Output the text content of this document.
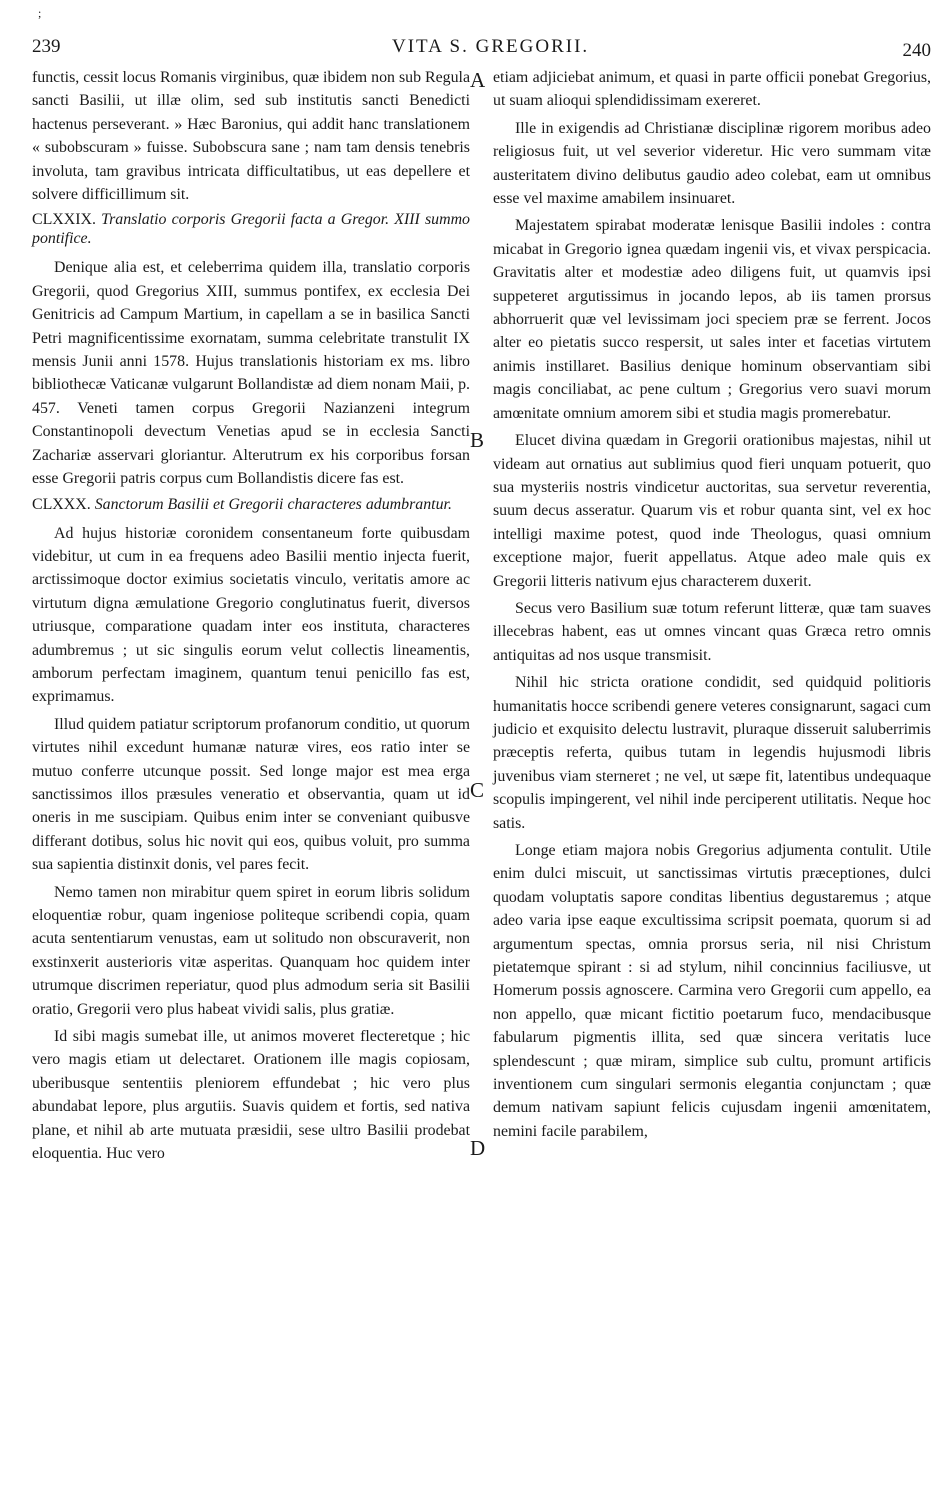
;
239	VITA S. GREGORII.	240

functis, cessit locus Romanis virginibus, quæ ibidem non sub Regula sancti Basilii, ut illæ olim, sed sub institutis sancti Benedicti hactenus perseverant. » Hæc Baronius, qui addit hanc translationem « subobscuram » fuisse. Subobscura sane ; nam tam densis tenebris involuta, tam gravibus intricata difficultatibus, ut eas depellere et solvere difficillimum sit.

CLXXIX. Translatio corporis Gregorii facta a Gregor. XIII summo pontifice.

Denique alia est, et celeberrima quidem illa, translatio corporis Gregorii, quod Gregorius XIII, summus pontifex, ex ecclesia Dei Genitricis ad Campum Martium, in capellam a se in basilica Sancti Petri magnificentissime exornatam, summa celebritate transtulit IX mensis Junii anni 1578. Hujus translationis historiam ex ms. libro bibliothecæ Vaticanæ vulgarunt Bollandistæ ad diem nonam Maii, p. 457. Veneti tamen corpus Gregorii Nazianzeni integrum Constantinopoli devectum Venetias apud se in ecclesia Sancti Zachariæ asservari gloriantur. Alterutrum ex his corporibus forsan esse Gregorii patris corpus cum Bollandistis dicere fas est.

CLXXX. Sanctorum Basilii et Gregorii characteres adumbrantur.

Ad hujus historiæ coronidem consentaneum forte quibusdam videbitur, ut cum in ea frequens adeo Basilii mentio injecta fuerit, arctissimoque doctor eximius societatis vinculo, veritatis amore ac virtutum digna æmulatione Gregorio conglutinatus fuerit, diversos utriusque, comparatione quadam inter eos instituta, characteres adumbremus ; ut sic singulis eorum velut collectis lineamentis, amborum perfectam imaginem, quantum tenui penicillo fas est, exprimamus.

Illud quidem patiatur scriptorum profanorum conditio, ut quorum virtutes nihil excedunt humanæ naturæ vires, eos ratio inter se mutuo conferre utcunque possit. Sed longe major est mea erga sanctissimos illos præsules veneratio et observantia, quam ut id oneris in me suscipiam. Quibus enim inter se conveniant quibusve differant dotibus, solus hic novit qui eos, quibus voluit, pro summa sua sapientia distinxit donis, vel pares fecit.

Nemo tamen non mirabitur quem spiret in eorum libris solidum eloquentiæ robur, quam ingeniose politeque scribendi copia, quam acuta sententiarum venustas, eam ut solitudo non obscuraverit, non exstinxerit austerioris vitæ asperitas. Quanquam hoc quidem inter utrumque discrimen reperiatur, quod plus admodum seria sit Basilii oratio, Gregorii vero plus habeat vividi salis, plus gratiæ.

Id sibi magis sumebat ille, ut animos moveret flecteretque ; hic vero magis etiam ut delectaret. Orationem ille magis copiosam, uberibusque sententiis pleniorem effundebat ; hic vero plus abundabat lepore, plus argutiis. Suavis quidem et fortis, sed nativa plane, et nihil ab arte mutuata præsidii, sese ultro Basilii prodebat eloquentia. Huc vero

A
B
C
D

etiam adjiciebat animum, et quasi in parte officii ponebat Gregorius, ut suam alioqui splendidissimam exereret.

Ille in exigendis ad Christianæ disciplinæ rigorem moribus adeo religiosus fuit, ut vel severior videretur. Hic vero summam vitæ austeritatem divino delibutus gaudio adeo colebat, eam ut omnibus esse vel maxime amabilem insinuaret.

Majestatem spirabat moderatæ lenisque Basilii indoles : contra micabat in Gregorio ignea quædam ingenii vis, et vivax perspicacia. Gravitatis alter et modestiæ adeo diligens fuit, ut quamvis ipsi suppeteret argutissimus in jocando lepos, ab iis tamen prorsus abhorruerit quæ vel levissimam joci speciem præ se ferrent. Jocos alter eo pietatis succo respersit, ut sales inter et facetias virtutem animis instillaret. Basilius denique hominum observantiam sibi magis conciliabat, ac pene cultum ; Gregorius vero suavi morum amœnitate omnium amorem sibi et studia magis promerebatur.

Elucet divina quædam in Gregorii orationibus majestas, nihil ut videam aut ornatius aut sublimius quod fieri unquam potuerit, quo sua mysteriis nostris vindicetur auctoritas, sua servetur reverentia, suum decus asseratur. Quarum vis et robur quanta sint, vel ex hoc intelligi maxime potest, quod inde Theologus, quasi omnium exceptione major, fuerit appellatus. Atque adeo male quis ex Gregorii litteris nativum ejus characterem duxerit.

Secus vero Basilium suæ totum referunt litteræ, quæ tam suaves illecebras habent, eas ut omnes vincant quas Græca retro omnis antiquitas ad nos usque transmisit.

Nihil hic stricta oratione condidit, sed quidquid politioris humanitatis hocce scribendi genere veteres consignarunt, sagaci cum judicio et exquisito delectu lustravit, pluraque disseruit saluberrimis præceptis referta, quibus tutam in legendis hujusmodi libris juvenibus viam sterneret ; ne vel, ut sæpe fit, latentibus undequaque scopulis impingerent, vel nihil inde perciperent utilitatis. Neque hoc satis.

Longe etiam majora nobis Gregorius adjumenta contulit. Utile enim dulci miscuit, ut sanctissimas virtutis præceptiones, dulci quodam voluptatis sapore conditas libentius degustaremus ; atque adeo varia ipse eaque excultissima scripsit poemata, quorum si ad argumentum spectas, omnia prorsus seria, nil nisi Christum pietatemque spirant : si ad stylum, nihil concinnius faciliusve, ut Homerum possis agnoscere. Carmina vero Gregorii cum appello, ea non appello, quæ micant fictitio poetarum fuco, mendacibusque fabularum pigmentis illita, sed quæ sincera veritatis luce splendescunt ; quæ miram, simplice sub cultu, promunt artificis inventionem cum singulari sermonis elegantia conjunctam ; quæ demum nativam sapiunt felicis cujusdam ingenii amœnitatem, nemini facile parabilem,
